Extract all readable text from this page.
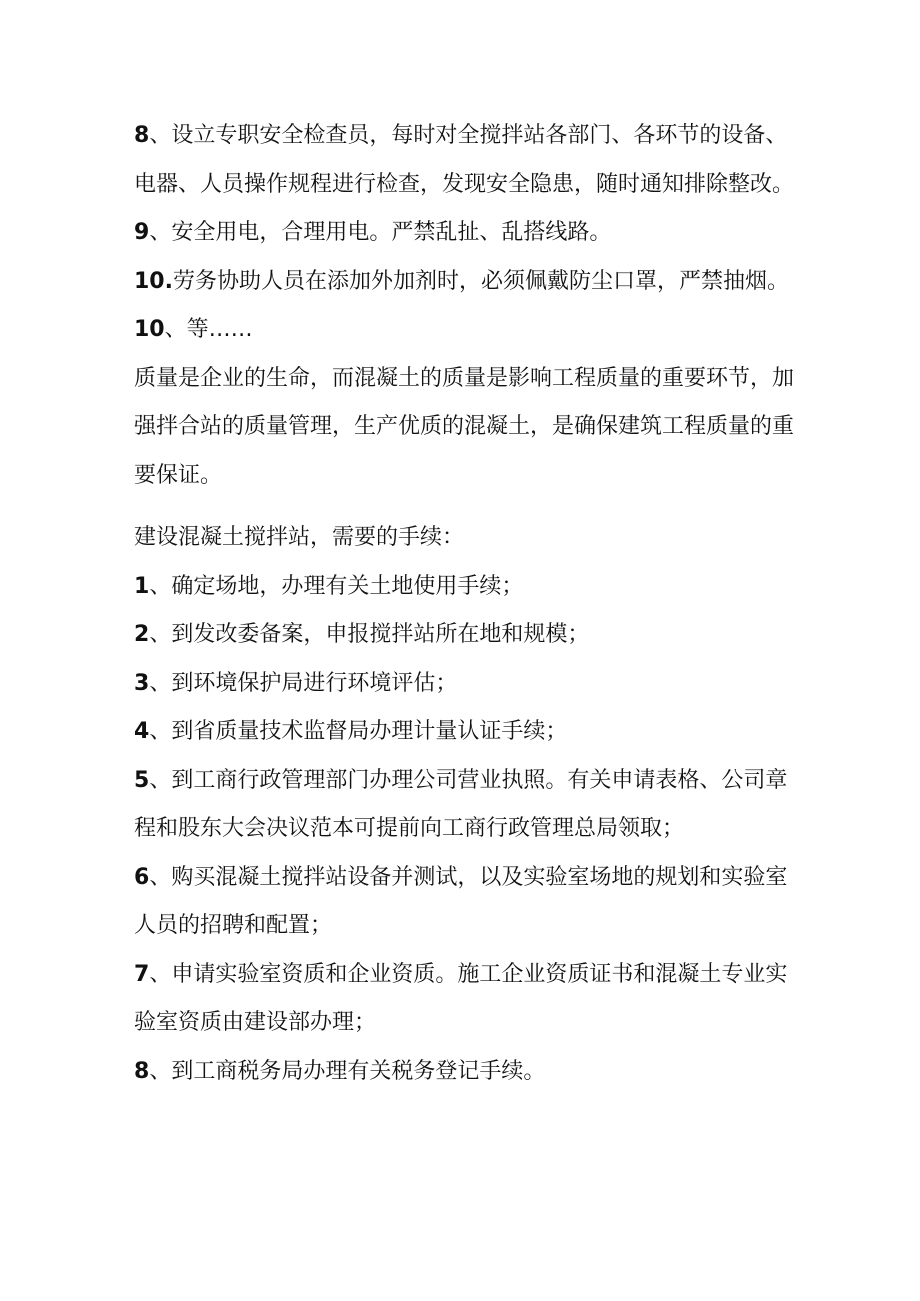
8、设立专职安全检查员，每时对全搅拌站各部门、各环节的设备、电器、人员操作规程进行检查，发现安全隐患，随时通知排除整改。

9、安全用电，合理用电。严禁乱扯、乱搭线路。

10.劳务协助人员在添加外加剂时，必须佩戴防尘口罩，严禁抽烟。

10、等……

质量是企业的生命，而混凝土的质量是影响工程质量的重要环节，加强拌合站的质量管理，生产优质的混凝土，是确保建筑工程质量的重要保证。

建设混凝土搅拌站，需要的手续：

1、确定场地，办理有关土地使用手续；

2、到发改委备案，申报搅拌站所在地和规模；

3、到环境保护局进行环境评估；

4、到省质量技术监督局办理计量认证手续；

5、到工商行政管理部门办理公司营业执照。有关申请表格、公司章程和股东大会决议范本可提前向工商行政管理总局领取；

6、购买混凝土搅拌站设备并测试，以及实验室场地的规划和实验室人员的招聘和配置；

7、申请实验室资质和企业资质。施工企业资质证书和混凝土专业实验室资质由建设部办理；

8、到工商税务局办理有关税务登记手续。
